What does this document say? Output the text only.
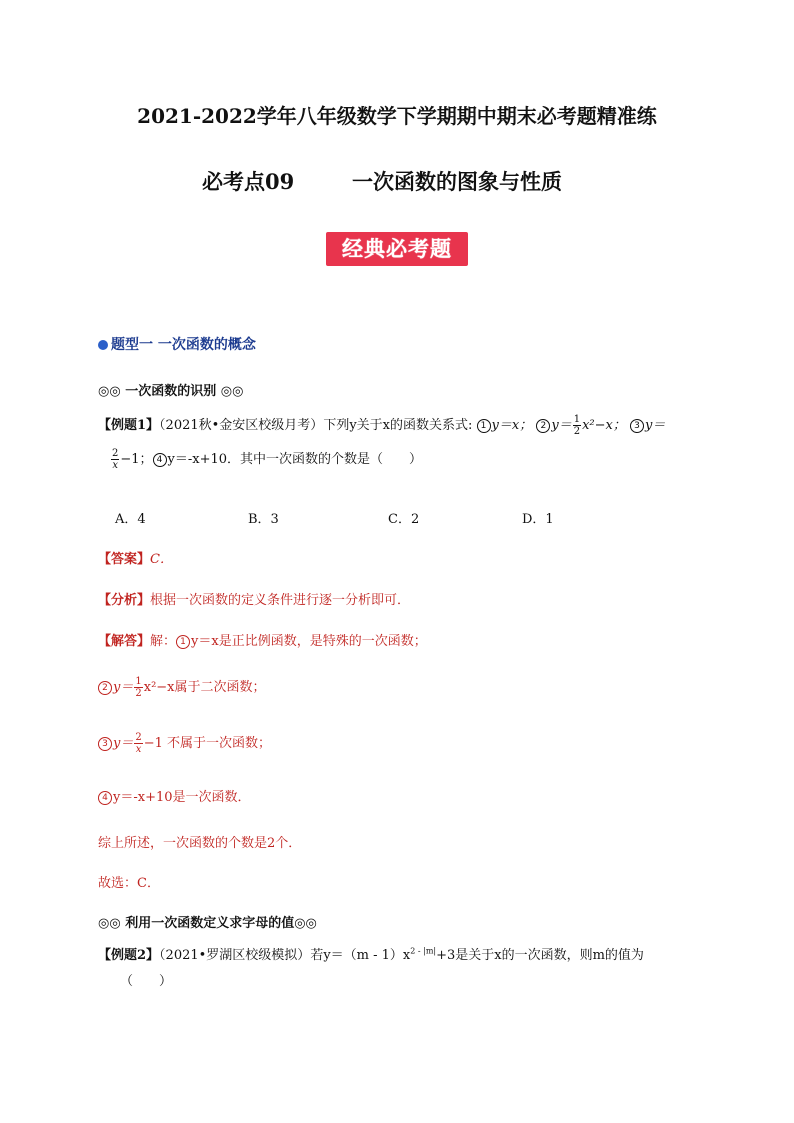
2021-2022学年八年级数学下学期期中期末必考题精准练
必考点09	一次函数的图象与性质
经典必考题
题型一 一次函数的概念
◎◎ 一次函数的识别 ◎◎
【例题1】（2021秋•金安区校级月考）下列y关于x的函数关系式: 1 y＝x； 2 $y= \frac{1}{2} x^2-x$； 3 y＝
$\frac{2}{x} -1$； 4 y＝-x+10．其中一次函数的个数是（　　）
A．4	B．3	C．2	D．1
【答案】C．
【分析】根据一次函数的定义条件进行逐一分析即可．
【解答】解： 1 y＝x是正比例函数，是特殊的一次函数；
2 $y= \frac{1}{2} x^2-x$属于二次函数；
3 $y= \frac{2}{x} -1$ 不属于一次函数；
4 y＝-x+10是一次函数．
综上所述，一次函数的个数是2个．
故选：C．
◎◎ 利用一次函数定义求字母的值◎◎
【例题2】（2021•罗湖区校级模拟）若$y=(m - 1)x^{2 - |m|}+3$是关于x的一次函数，则m的值为
（　　）
